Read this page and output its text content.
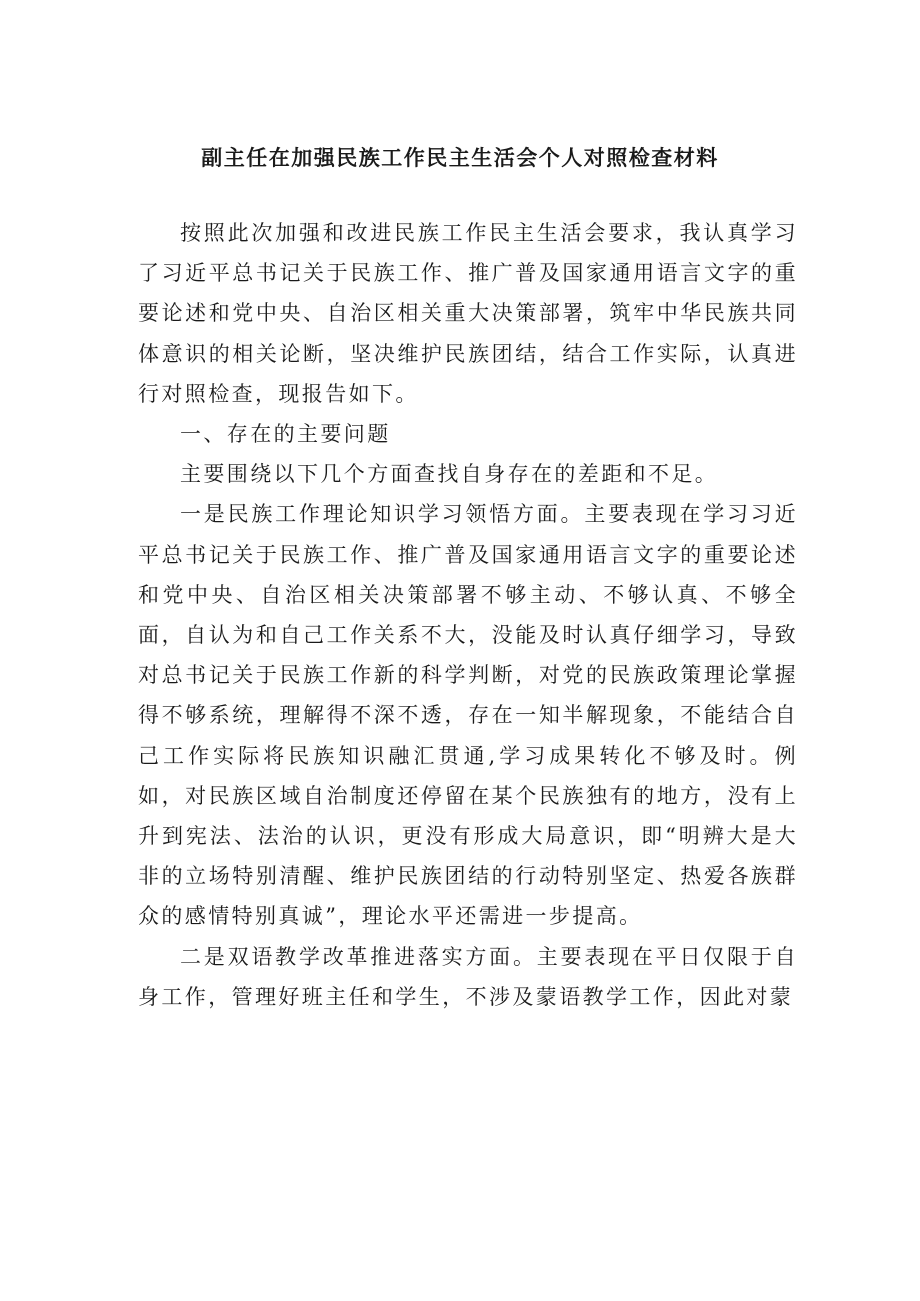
副主任在加强民族工作民主生活会个人对照检查材料

按照此次加强和改进民族工作民主生活会要求，我认真学习了习近平总书记关于民族工作、推广普及国家通用语言文字的重要论述和党中央、自治区相关重大决策部署，筑牢中华民族共同体意识的相关论断，坚决维护民族团结，结合工作实际，认真进行对照检查，现报告如下。

一、存在的主要问题

主要围绕以下几个方面查找自身存在的差距和不足。

一是民族工作理论知识学习领悟方面。主要表现在学习习近平总书记关于民族工作、推广普及国家通用语言文字的重要论述和党中央、自治区相关决策部署不够主动、不够认真、不够全面，自认为和自己工作关系不大，没能及时认真仔细学习，导致对总书记关于民族工作新的科学判断，对党的民族政策理论掌握得不够系统，理解得不深不透，存在一知半解现象，不能结合自己工作实际将民族知识融汇贯通,学习成果转化不够及时。例如，对民族区域自治制度还停留在某个民族独有的地方，没有上升到宪法、法治的认识，更没有形成大局意识，即“明辨大是大非的立场特别清醒、维护民族团结的行动特别坚定、热爱各族群众的感情特别真诚”，理论水平还需进一步提高。

二是双语教学改革推进落实方面。主要表现在平日仅限于自身工作，管理好班主任和学生，不涉及蒙语教学工作，因此对蒙
